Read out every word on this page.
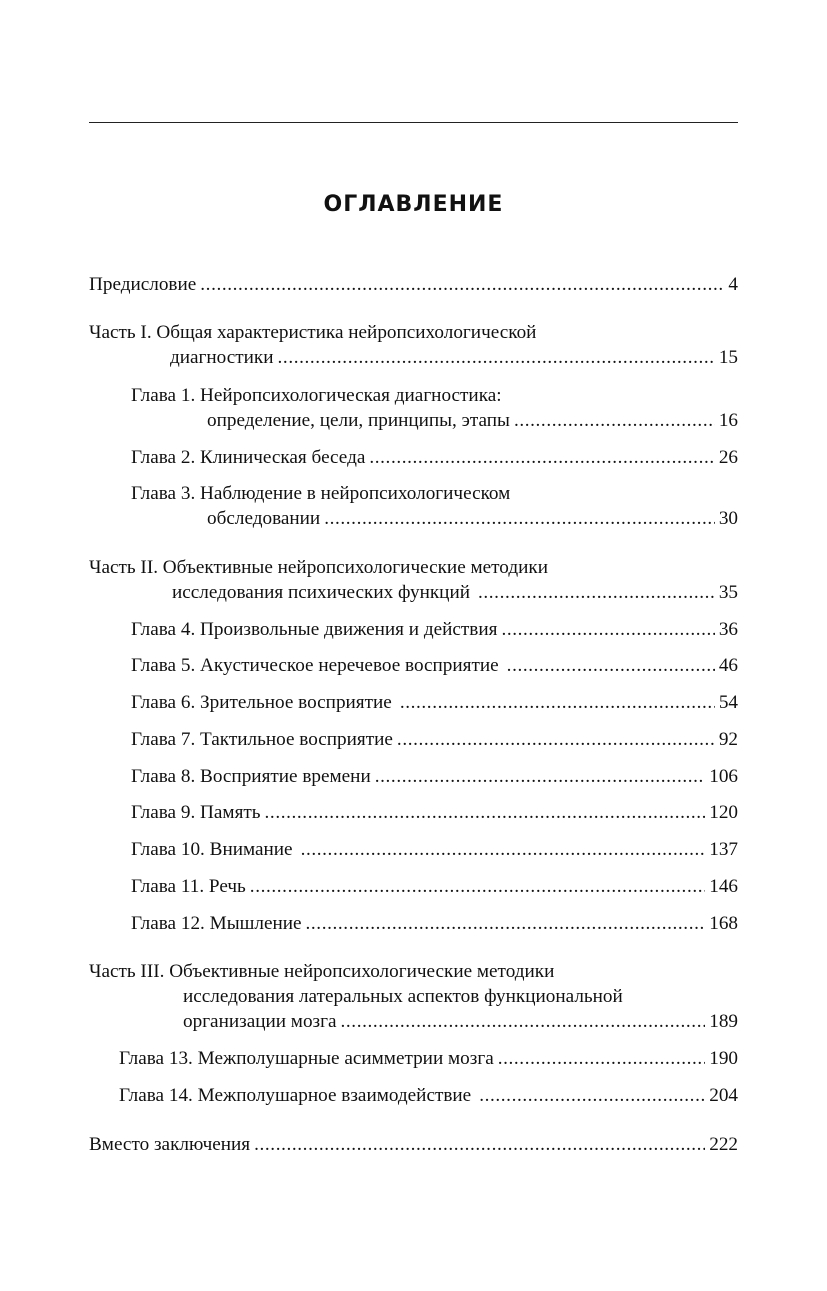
ОГЛАВЛЕНИЕ
Предисловие .....	4
Часть I. Общая характеристика нейропсихологической
диагностики .....	15
Глава 1. Нейропсихологическая диагностика:
определение, цели, принципы, этапы .....	16
Глава 2. Клиническая беседа .....	26
Глава 3. Наблюдение в нейропсихологическом
обследовании .....	30
Часть II. Объективные нейропсихологические методики
исследования психических функций .....	35
Глава 4. Произвольные движения и действия .....	36
Глава 5. Акустическое неречевое восприятие .....	46
Глава 6. Зрительное восприятие .....	54
Глава 7. Тактильное восприятие .....	92
Глава 8. Восприятие времени .....	106
Глава 9. Память .....	120
Глава 10. Внимание .....	137
Глава 11. Речь .....	146
Глава 12. Мышление .....	168
Часть III. Объективные нейропсихологические методики
исследования латеральных аспектов функциональной
организации мозга .....	189
Глава 13. Межполушарные асимметрии мозга .....	190
Глава 14. Межполушарное взаимодействие .....	204
Вместо заключения .....	222
